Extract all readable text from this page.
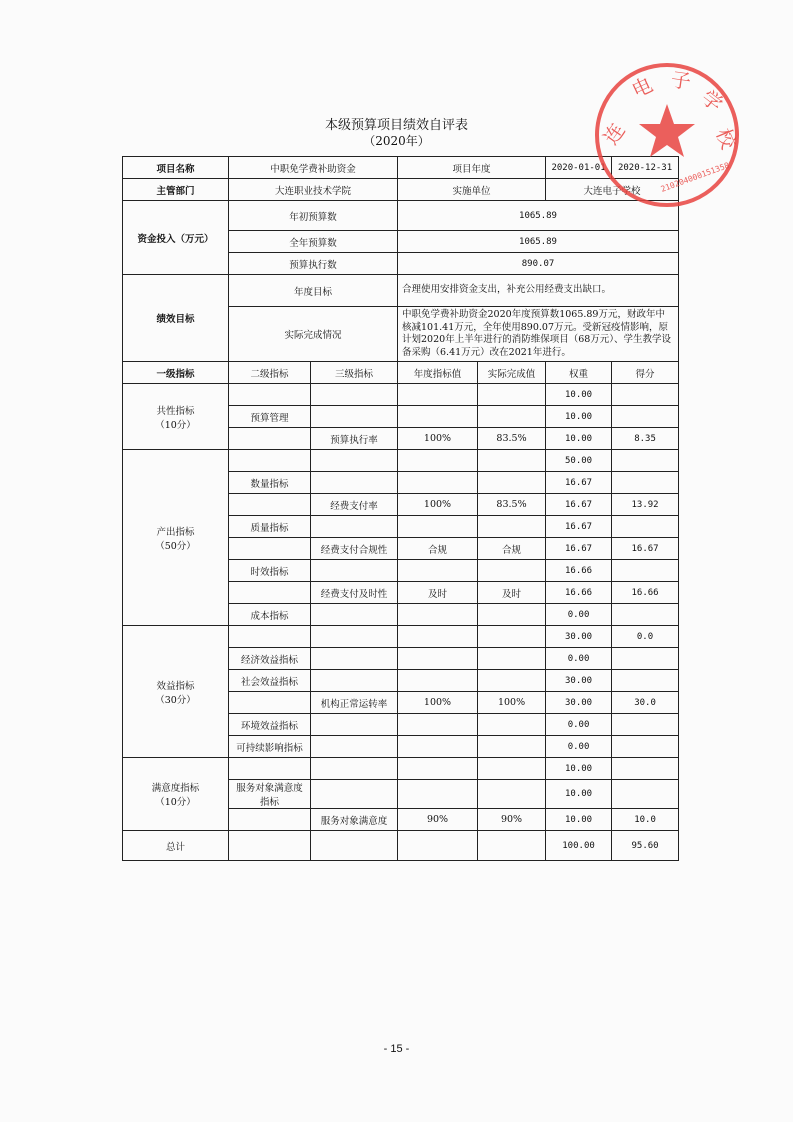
本级预算项目绩效自评表
（2020年）
项目名称	中职免学费补助资金		项目年度		2020-01-01	2020-12-31
主管部门	大连职业技术学院		实施单位		大连电子学校	
资金投入（万元）	年初预算数		1065.89			
	全年预算数		1065.89			
	预算执行数		890.07			
绩效目标	年度目标		合理使用安排资金支出，补充公用经费支出缺口。			
	实际完成情况		中职免学费补助资金2020年度预算数1065.89万元，财政年中核减101.41万元，全年使用890.07万元。受新冠疫情影响，原计划2020年上半年进行的消防维保项目（68万元）、学生教学设备采购（6.41万元）改在2021年进行。			
一级指标	二级指标	三级指标	年度指标值	实际完成值	权重	得分

共性指标
（10分）					10.00	
	预算管理				10.00	
		预算执行率	100%	83.5%	10.00	8.35

产出指标
（50分）					50.00	
	数量指标				16.67	
		经费支付率	100%	83.5%	16.67	13.92
	质量指标				16.67	
		经费支付合规性	合规	合规	16.67	16.67
	时效指标				16.66	
		经费支付及时性	及时	及时	16.66	16.66
	成本指标				0.00	

效益指标
（30分）					30.00	0.0
	经济效益指标				0.00	
	社会效益指标				30.00	
		机构正常运转率	100%	100%	30.00	30.0
	环境效益指标				0.00	
	可持续影响指标				0.00	

满意度指标
（10分）					10.00	
	服务对象满意度指标				10.00	
		服务对象满意度	90%	90%	10.00	10.0
总计					100.00	95.60
连
电 子
学
校
210204000151358
- 15 -
